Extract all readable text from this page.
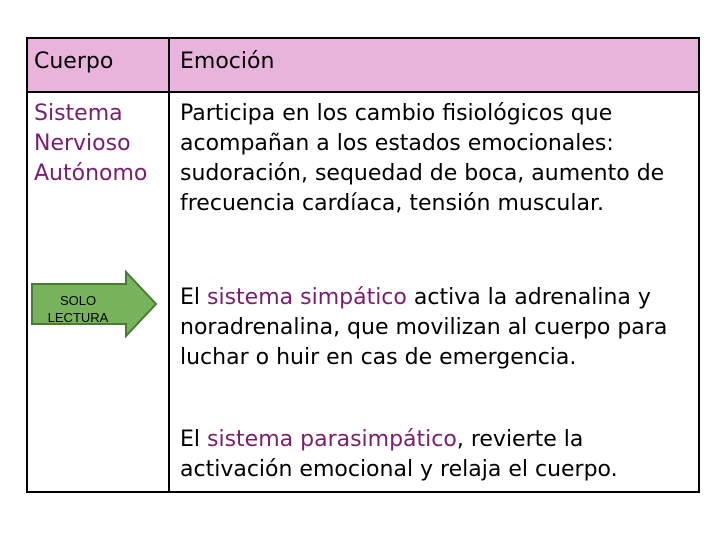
Cuerpo	Emoción
Sistema
Nervioso
Autónomo
Participa en los cambio fisiológicos que acompañan a los estados emocionales: sudoración, sequedad de boca, aumento de frecuencia cardíaca, tensión muscular.
SOLO
LECTURA
El sistema simpático activa la adrenalina y noradrenalina, que movilizan al cuerpo para luchar o huir en cas de emergencia.
El sistema parasimpático, revierte la activación emocional y relaja el cuerpo.
